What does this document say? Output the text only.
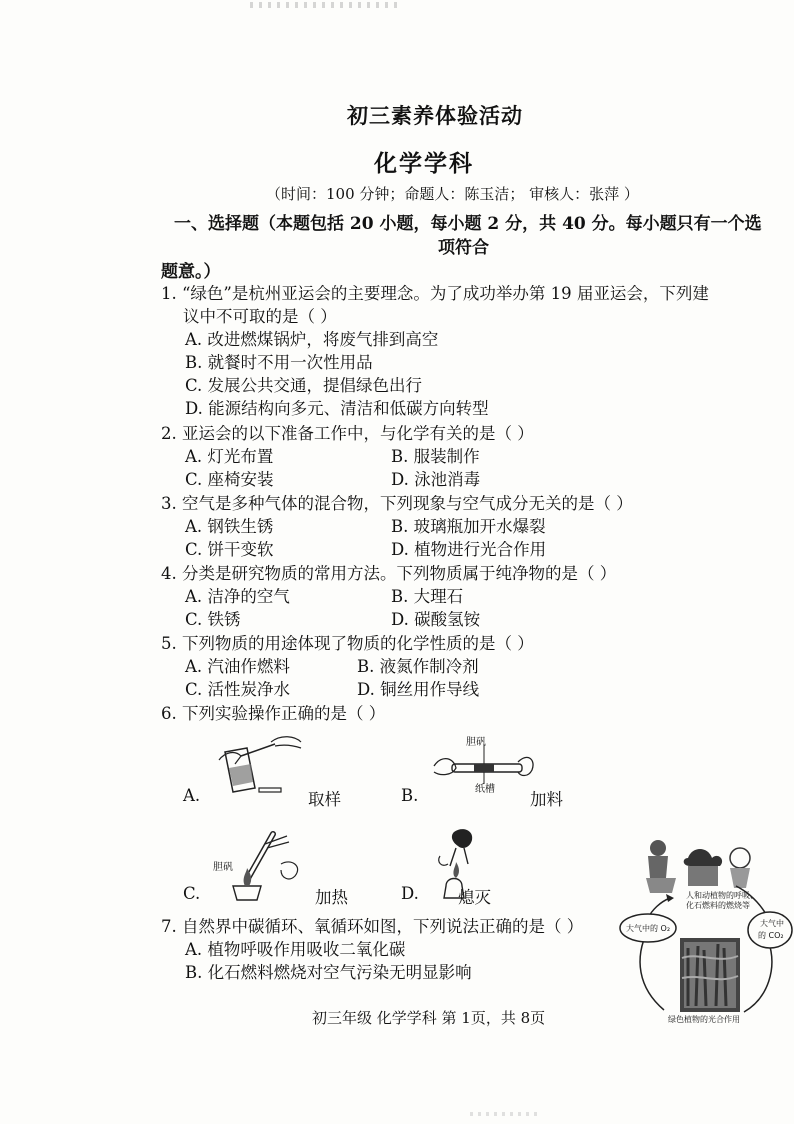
初三素养体验活动
化学学科
（时间：100 分钟；命题人：陈玉洁； 审核人：张萍 ）
一、选择题（本题包括 20 小题，每小题 2 分，共 40 分。每小题只有一个选
项符合
题意。）
1. “绿色”是杭州亚运会的主要理念。为了成功举办第 19 届亚运会，下列建
议中不可取的是（ ）
A. 改进燃煤锅炉，将废气排到高空
B. 就餐时不用一次性用品
C. 发展公共交通，提倡绿色出行
D. 能源结构向多元、清洁和低碳方向转型
2. 亚运会的以下准备工作中，与化学有关的是（ ）
A. 灯光布置	B. 服装制作
C. 座椅安装	D. 泳池消毒
3. 空气是多种气体的混合物，下列现象与空气成分无关的是（ ）
A. 钢铁生锈	B. 玻璃瓶加开水爆裂
C. 饼干变软	D. 植物进行光合作用
4. 分类是研究物质的常用方法。下列物质属于纯净物的是（ ）
A. 洁净的空气	B. 大理石
C. 铁锈	D. 碳酸氢铵
5. 下列物质的用途体现了物质的化学性质的是（ ）
A. 汽油作燃料	B. 液氮作制冷剂
C. 活性炭净水	D. 铜丝用作导线
6. 下列实验操作正确的是（ ）
A.	取样
胆矾
纸槽
B.	加料
胆矾
C.	加热	D. 熄灭
7. 自然界中碳循环、氧循环如图，下列说法正确的是（ ）
A. 植物呼吸作用吸收二氧化碳
B. 化石燃料燃烧对空气污染无明显影响
人和动植物的呼吸、
化石燃料的燃烧等
大气中的 O₂
大气中
的 CO₂
绿色植物的光合作用
初三年级 化学学科 第 1页，共 8页
